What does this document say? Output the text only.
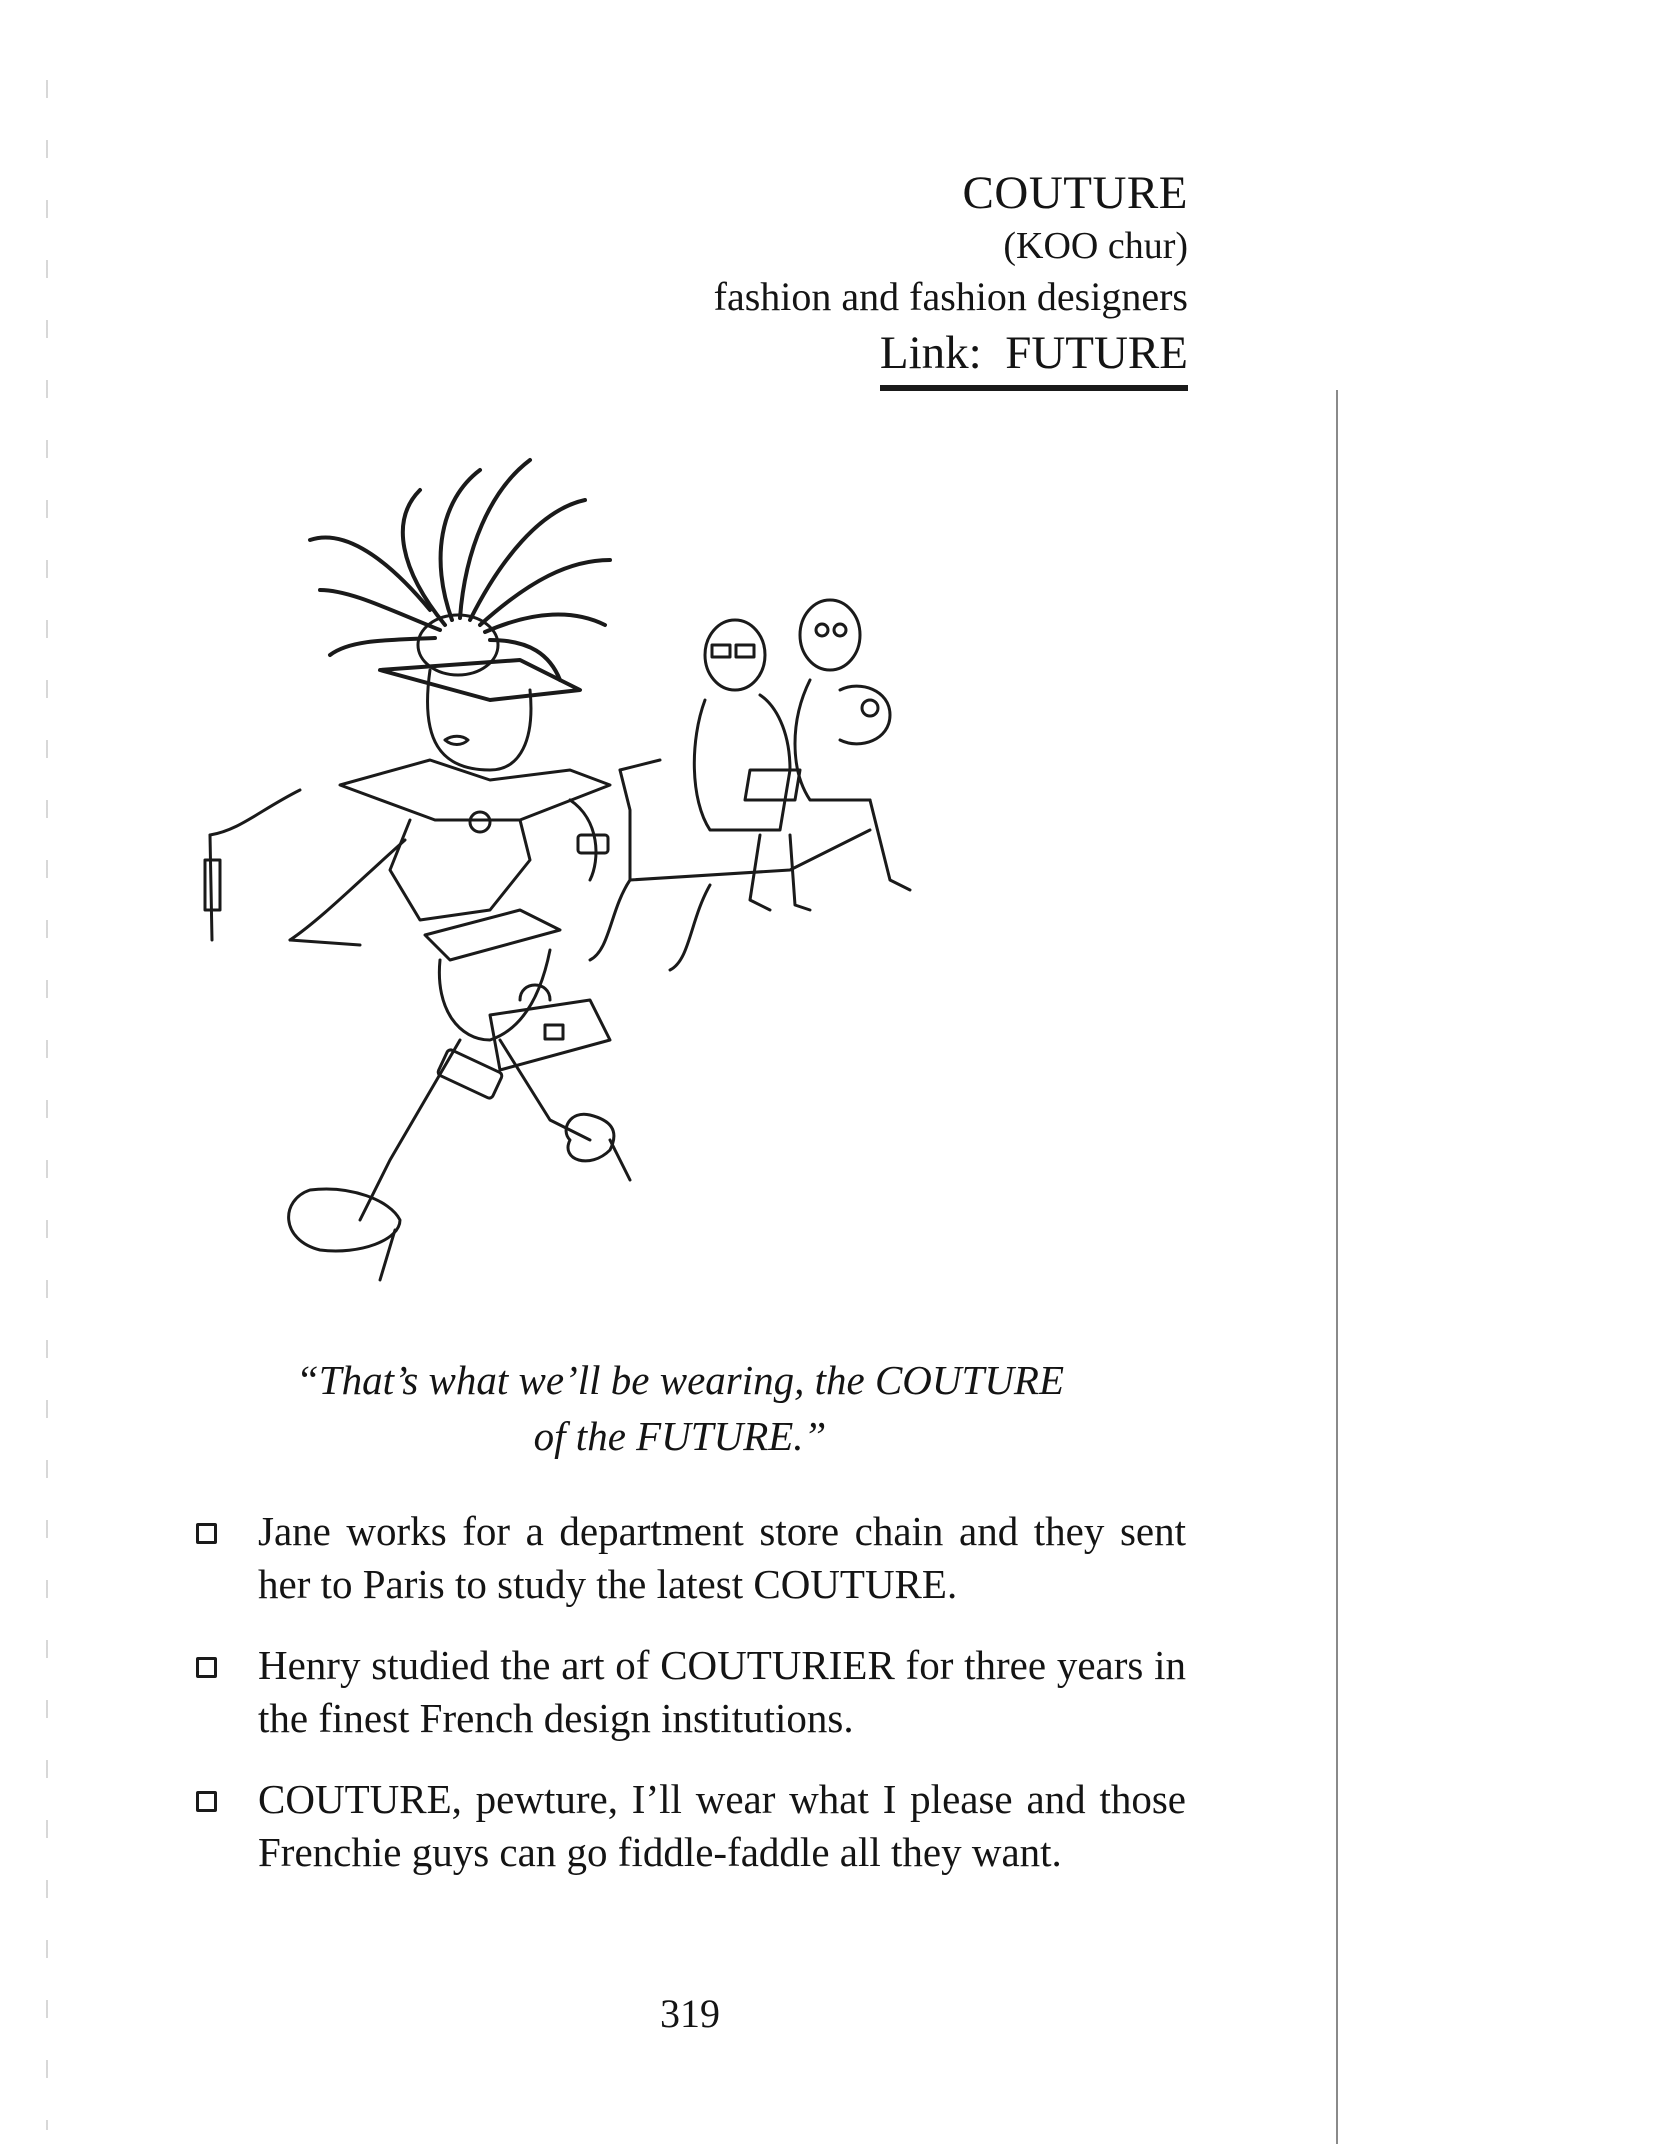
COUTURE
(KOO chur)
fashion and fashion designers
Link: FUTURE
“That’s what we’ll be wearing, the COUTURE
of the FUTURE.”
Jane works for a department store chain and they sent her to Paris to study the latest COUTURE.
Henry studied the art of COUTURIER for three years in the finest French design institutions.
COUTURE, pewture, I’ll wear what I please and those Frenchie guys can go fiddle-faddle all they want.
319
